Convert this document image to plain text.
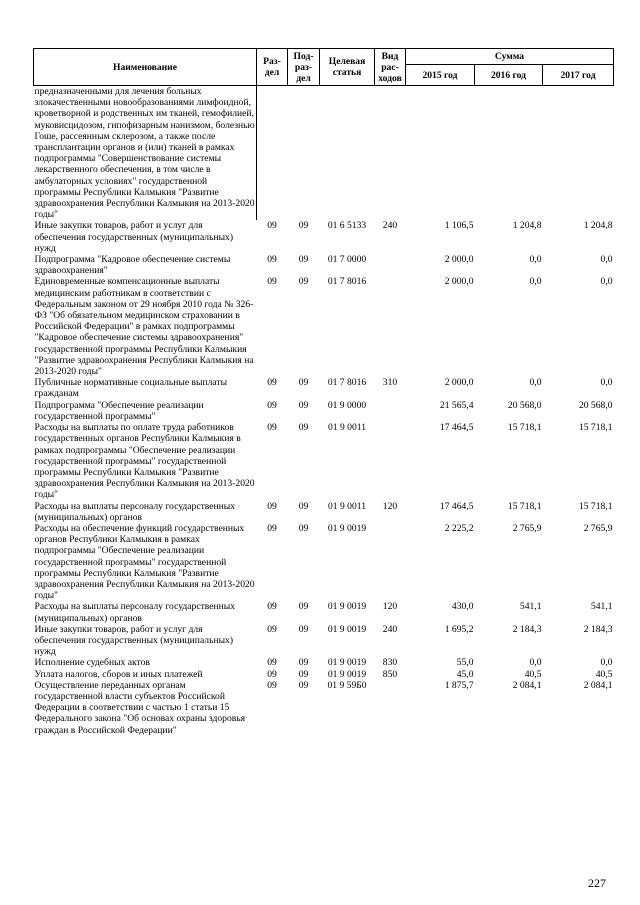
Наименование	Раз-дел	Под-раз-дел	Целевая статья	Вид рас-ходов	Сумма		
					2015 год	2016 год	2017 год
предназначенными для лечения больных злокачественными новообразованиями лимфоидной, кроветворной и родственных им тканей, гемофилией, муковисцидозом, гипофизарным нанизмом, болезнью Гоше, рассеянным склерозом, а также после трансплантации органов и (или) тканей в рамках подпрограммы "Совершенствование системы лекарственного обеспечения, в том числе в амбулаторных условиях" государственной программы Республики Калмыкия "Развитие здравоохранения Республики Калмыкия на 2013-2020 годы"							
Иные закупки товаров, работ и услуг для обеспечения государственных (муниципальных) нужд	09	09	01 6 5133	240	1 106,5	1 204,8	1 204,8
Подпрограмма "Кадровое обеспечение системы здравоохранения"	09	09	01 7 0000		2 000,0	0,0	0,0
Единовременные компенсационные выплаты медицинским работникам в соответствии с Федеральным законом от 29 ноября 2010 года № 326-ФЗ "Об обязательном медицинском страховании в Российской Федерации" в рамках подпрограммы "Кадровое обеспечение системы здравоохранения" государственной программы Республики Калмыкия "Развитие здравоохранения Республики Калмыкия на 2013-2020 годы"	09	09	01 7 8016		2 000,0	0,0	0,0
Публичные нормативные социальные выплаты гражданам	09	09	01 7 8016	310	2 000,0	0,0	0,0
Подпрограмма "Обеспечение реализации государственной программы"	09	09	01 9 0000		21 565,4	20 568,0	20 568,0
Расходы на выплаты по оплате труда работников государственных органов Республики Калмыкия в рамках подпрограммы "Обеспечение реализации государственной программы" государственной программы Республики Калмыкия "Развитие здравоохранения Республики Калмыкия на 2013-2020 годы"	09	09	01 9 0011		17 464,5	15 718,1	15 718,1
Расходы на выплаты персоналу государственных (муниципальных) органов	09	09	01 9 0011	120	17 464,5	15 718,1	15 718,1
Расходы на обеспечение функций государственных органов Республики Калмыкия в рамках подпрограммы "Обеспечение реализации государственной программы" государственной программы Республики Калмыкия "Развитие здравоохранения Республики Калмыкия на 2013-2020 годы"	09	09	01 9 0019		2 225,2	2 765,9	2 765,9
Расходы на выплаты персоналу государственных (муниципальных) органов	09	09	01 9 0019	120	430,0	541,1	541,1
Иные закупки товаров, работ и услуг для обеспечения государственных (муниципальных) нужд	09	09	01 9 0019	240	1 695,2	2 184,3	2 184,3
Исполнение судебных актов	09	09	01 9 0019	830	55,0	0,0	0,0
Уплата налогов, сборов и иных платежей	09	09	01 9 0019	850	45,0	40,5	40,5
Осуществление переданных органам государственной власти субъектов Российской Федерации в соответствии с частью 1 статьи 15 Федерального закона "Об основах охраны здоровья граждан в Российской Федерации"	09	09	01 9 59Б0		1 875,7	2 084,1	2 084,1
227
